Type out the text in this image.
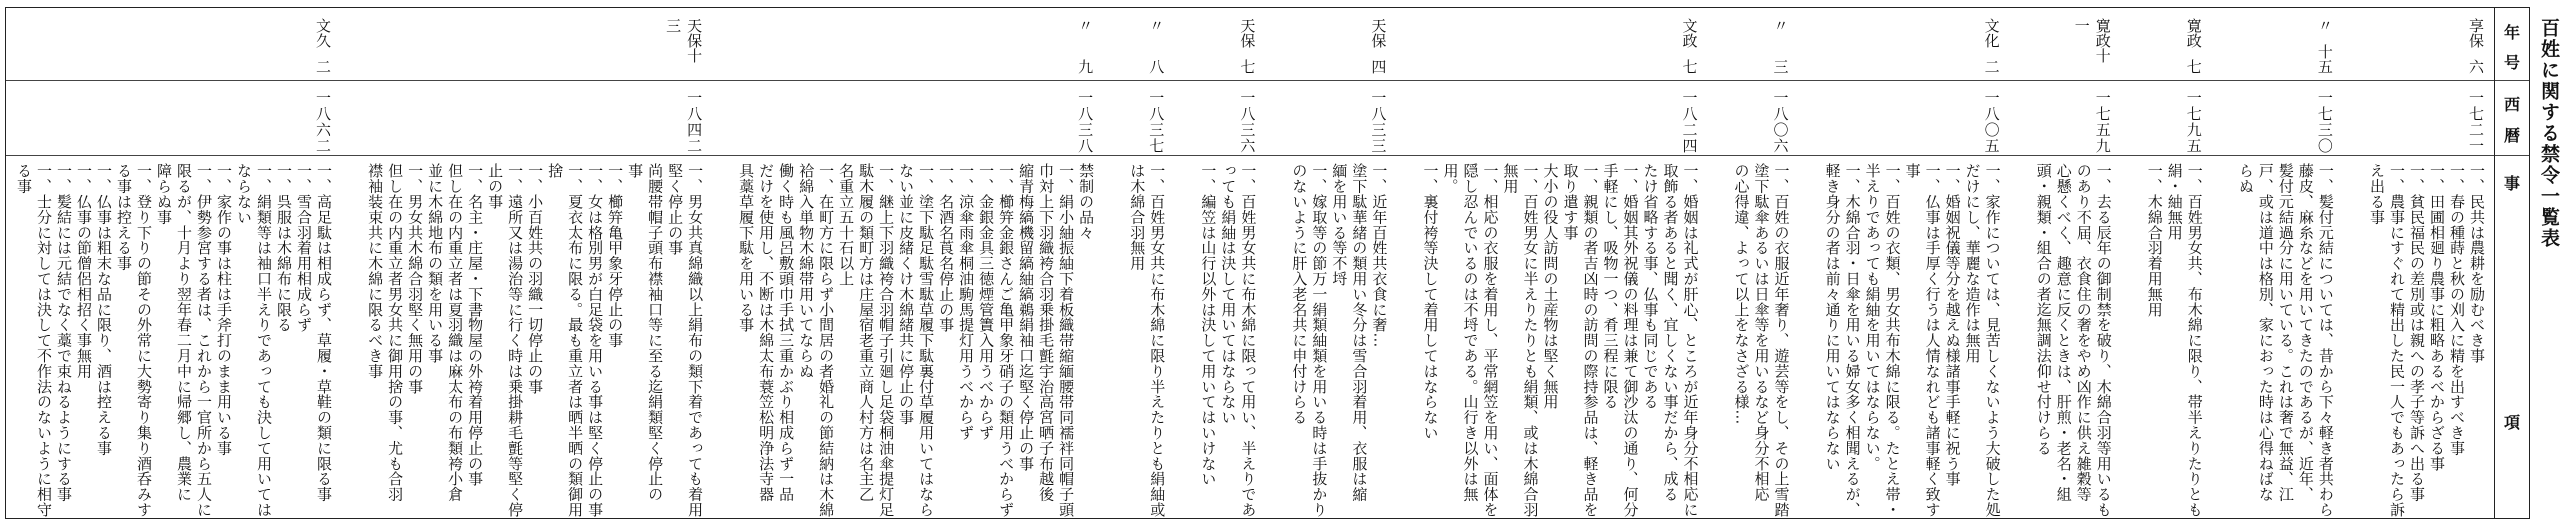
百姓に関する禁令一覧表
年
号
西
暦
事
項
享保
六
一七二一
一、民共は農耕を励むべき事
一、春の種蒔と秋の刈入に精を出すべき事
一、田圃相廻り農事に粗略あるべからざる事
一、貧民福民の差別或は親への孝子等訴へ出る事
一、農事にすぐれて精出した民一人でもあったら訴
え出る事
〃
十五
一七三〇
一、髪付元結については、昔から下々軽き者共わら
藤皮、麻糸などを用いてきたのであるが、近年、
髪付元結過分に用いている。これは奢で無益、江
戸、或は道中は格別、家におった時は心得ねばな
らぬ
寛政
七
一七九五
一、百姓男女共、布木綿に限り、帯半えりたりとも
絹・紬無用
一、木綿合羽着用無用
寛政十一
一七五九
一、去る辰年の御制禁を破り、木綿合羽等用いるも
のあり不届、衣食住の奢をやめ凶作に供え雑穀等
心懸くべく、趣意に反くときは、肝煎・老名・組
頭・親類・組合の者迄無調法仰せ付けらる
文化
二
一八〇五
一、家作については、見苦しくないよう大破した処
だけにし、華麗な造作は無用
一、婚姻祝儀等分を越えぬ様諸事手軽に祝う事
一、仏事は手厚く行うは人情なれども諸事軽く致す
事
一、百姓の衣類、男女共布木綿に限る。たとえ帯・
半えりであっても絹紬を用いてはならない。
一、木綿合羽・日傘を用いる婦女多く相聞えるが、
軽き身分の者は前々通りに用いてはならない
〃
三
一八〇六
一、百姓の衣服近年奢り、遊芸等をし、その上雪踏
塗下駄傘あるいは日傘等を用いるなど身分不相応
の心得違、よって以上をなさざる様…
文政
七
一八二四
一、婚姻は礼式が肝心、ところが近年身分不相応に
取飾る者あると聞く、宜しくない事だから、成る
たけ省略する事、仏事も同じである
一、婚姻其外祝儀の料理は兼て御沙汰の通り、何分
手軽にし、吸物一つ、肴三程に限る
一、親類の者吉凶時の訪問の際持参品は、軽き品を
取り遣す事
大小の役人訪問の土産物は堅く無用
一、百姓男女に半えりたりとも絹類、或は木綿合羽
無用
一、相応の衣服を着用し、平常網笠を用い、面体を
隠し忍んでいるのは不埒である。山行き以外は無
用。
一、裏付袴等決して着用してはならない
天保
四
一八三三
一、近年百姓共衣食に奢…
塗下駄華緒の類用い冬分は雪合羽着用、衣服は縮
緬を用いる等不埒
一、嫁取等の節万一絹類紬類を用いる時は手抜かり
のないように肝入老名共に申付けらる
天保
七
一八三六
一、百姓男女共に布木綿に限って用い、半えりであ
っても絹紬は決して用いてはならない
一、編笠は山行以外は決して用いてはいけない
〃
八
一八三七
一、百姓男女共に布木綿に限り半えたりとも絹紬或
は木綿合羽無用
〃
九
一八三八
禁制の品々
一、絹小紬振紬下着板織帯縮緬腰帯同襦袢同帽子頭
巾対上下羽織袴合羽乗掛毛氈宇治高宮晒子布越後
縮青梅縞機留縞紬縞鵜絹袖口迄堅く停止の事
一、櫛笄金銀さんご亀甲象牙硝子の類用うべからず
一、金銀金具三徳煙管簀入用うべからず
一、涼傘雨傘桐油駒馬提灯用うべからず
一、名酒名莨名停止の事
一、塗下駄足駄雪駄草履下駄裏付草履用いてはなら
ない並に皮緒くけ木綿緒共に停止の事
一、継上下羽織袴合羽帽子引廻し足袋桐油傘提灯足
駄木履の類町方は庄屋宿老重立商人村方は名主乙
名重立五十石以上
一、在町方に限らず小間居の者婚礼の節結納は木綿
袷綿入単物木綿帯用いてならぬ
働く時も風呂敷頭巾手拭三重かぶり相成らず一品
だけを使用し、不断は木綿太布蓑笠松明浄法寺器
具藁草履下駄を用いる事
天保十三
一八四二
一、男女共真綿織以上絹布の類下着であっても着用
堅く停止の事
尚腰帯帽子頭布襟袖口等に至る迄絹類堅く停止の
事
一、櫛笄亀甲象牙停止の事
一、女は格別男が白足袋を用いる事は堅く停止の事
一、夏衣太布に限る。最も重立者は晒半晒の類御用
捨
一、小百姓共の羽織一切停止の事
一、遠所又は湯治等に行く時は乗掛耕毛氈等堅く停
止の事
一、名主・庄屋・下書物屋の外袴着用停止の事
但し在の内重立者は夏羽織は麻太布の布類袴小倉
並に木綿地布の類を用いる事
一、男女共木綿合羽堅く無用の事
但し在の内重立者男女共に御用捨の事、尤も合羽
襟袖装束共に木綿に限るべき事
文久
二
一八六二
一、高足駄は相成らず、草履・草鞋の類に限る事
一、雪合羽着用相成らず
一、呉服は木綿布に限る
一、絹類等は袖口半えりであっても決して用いては
ならない
一、家作の事は柱は手斧打のまま用いる事
一、伊勢参宮する者は、これから一官所から五人に
限るが、十月より翌年春二月中に帰郷し、農業に
障らぬ事
一、登り下りの節その外常に大勢寄り集り酒呑みす
る事は控える事
一、仏事は粗末な品に限り、酒は控える事
一、仏事の節僧侶相招く事無用
一、髪結には元結でなく藁で束ねるようにする事
一、士分に対しては決して不作法のないように相守
る事
